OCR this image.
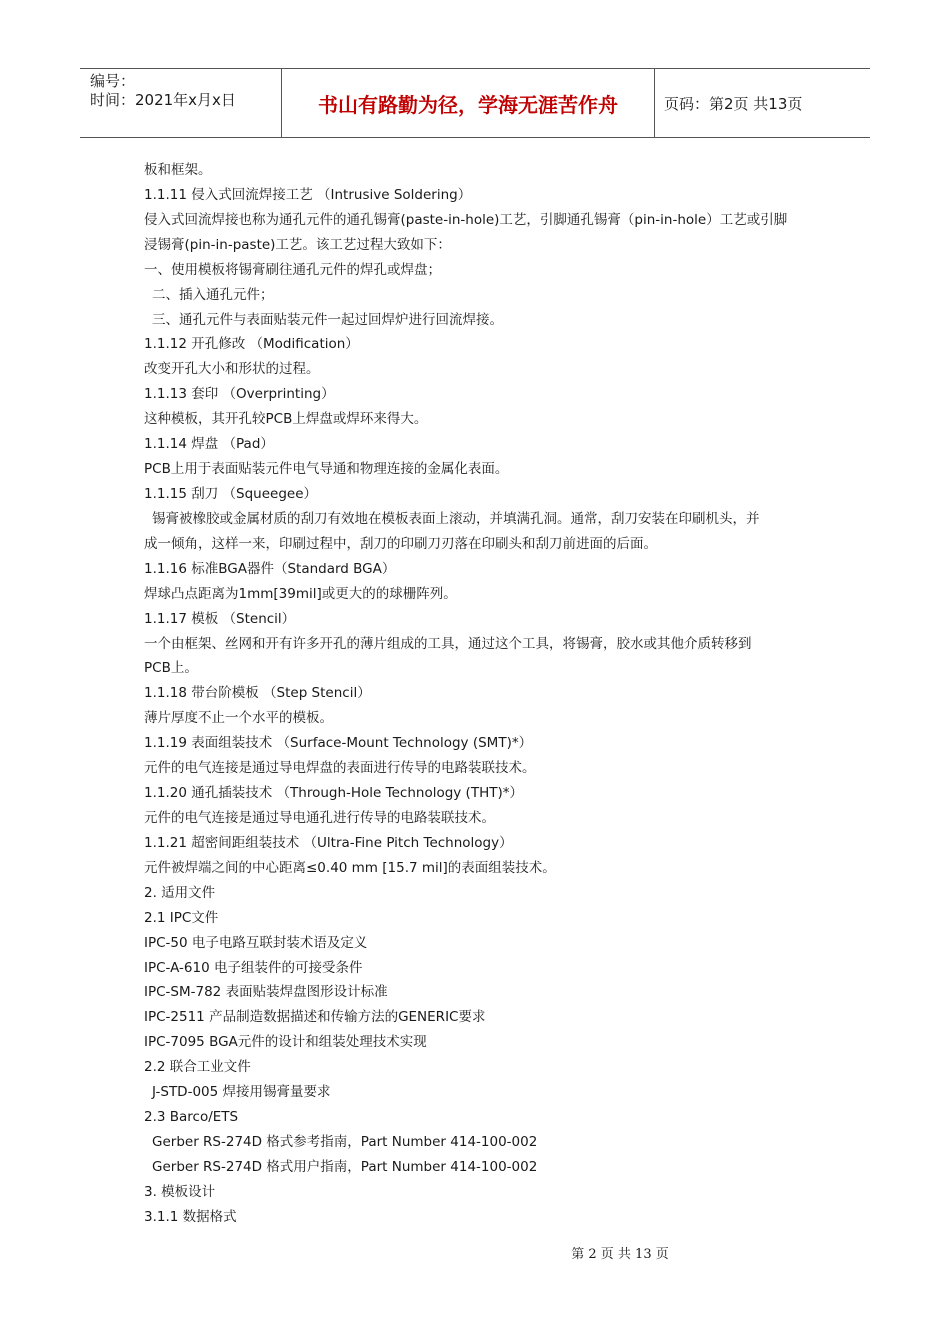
编号：
时间：2021年x月x日	书山有路勤为径，学海无涯苦作舟	页码：第2页 共13页
板和框架。
1.1.11 侵入式回流焊接工艺 （Intrusive Soldering）
侵入式回流焊接也称为通孔元件的通孔锡膏(paste-in-hole)工艺，引脚通孔锡膏（pin-in-hole）工艺或引脚
浸锡膏(pin-in-paste)工艺。该工艺过程大致如下：
一、使用模板将锡膏刷往通孔元件的焊孔或焊盘；
二、插入通孔元件；
三、通孔元件与表面贴装元件一起过回焊炉进行回流焊接。
1.1.12 开孔修改 （Modification）
改变开孔大小和形状的过程。
1.1.13 套印 （Overprinting）
这种模板，其开孔较PCB上焊盘或焊环来得大。
1.1.14 焊盘 （Pad）
PCB上用于表面贴装元件电气导通和物理连接的金属化表面。
1.1.15 刮刀 （Squeegee）
锡膏被橡胶或金属材质的刮刀有效地在模板表面上滚动，并填满孔洞。通常，刮刀安装在印刷机头，并
成一倾角，这样一来，印刷过程中，刮刀的印刷刀刃落在印刷头和刮刀前进面的后面。
1.1.16 标准BGA器件（Standard BGA）
焊球凸点距离为1mm[39mil]或更大的的球栅阵列。
1.1.17 模板 （Stencil）
一个由框架、丝网和开有许多开孔的薄片组成的工具，通过这个工具，将锡膏，胶水或其他介质转移到
PCB上。
1.1.18 带台阶模板 （Step Stencil）
薄片厚度不止一个水平的模板。
1.1.19 表面组装技术 （Surface-Mount Technology (SMT)*）
元件的电气连接是通过导电焊盘的表面进行传导的电路装联技术。
1.1.20 通孔插装技术 （Through-Hole Technology (THT)*）
元件的电气连接是通过导电通孔进行传导的电路装联技术。
1.1.21 超密间距组装技术 （Ultra-Fine Pitch Technology）
元件被焊端之间的中心距离≤0.40 mm [15.7 mil]的表面组装技术。
2. 适用文件
2.1 IPC文件
IPC-50 电子电路互联封装术语及定义
IPC-A-610 电子组装件的可接受条件
IPC-SM-782 表面贴装焊盘图形设计标准
IPC-2511 产品制造数据描述和传输方法的GENERIC要求
IPC-7095 BGA元件的设计和组装处理技术实现
2.2 联合工业文件
J-STD-005 焊接用锡膏量要求
2.3 Barco/ETS
Gerber RS-274D 格式参考指南，Part Number 414-100-002
Gerber RS-274D 格式用户指南，Part Number 414-100-002
3. 模板设计
3.1.1 数据格式
第 2 页 共 13 页
